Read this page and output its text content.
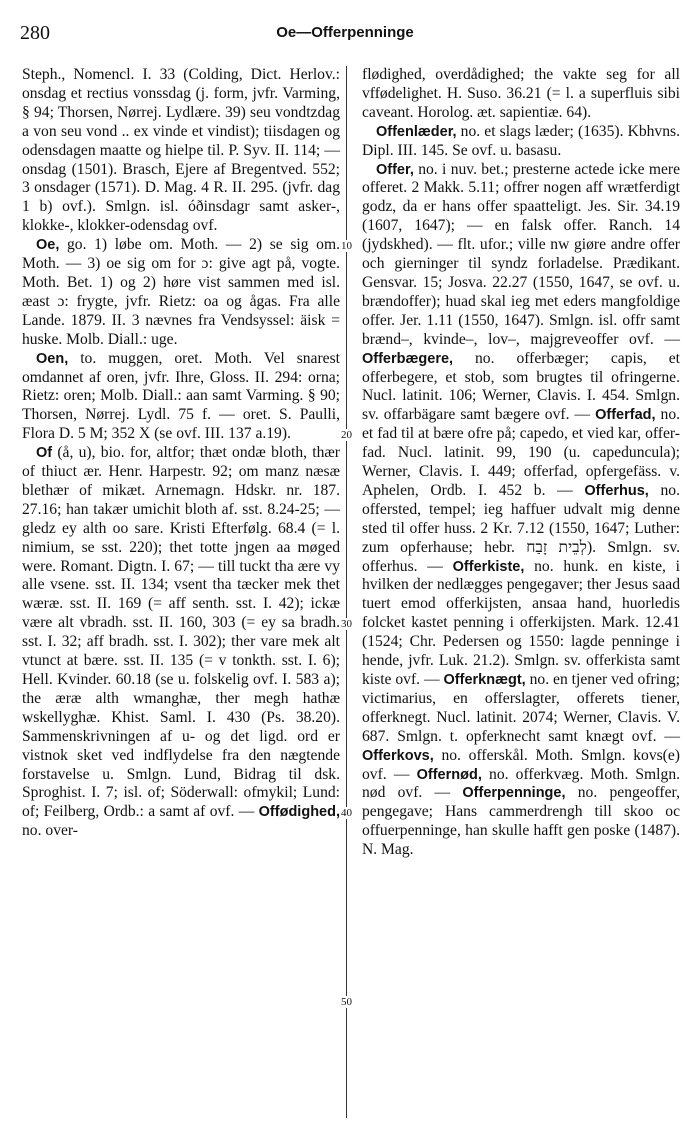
280	Oe—Offerpenninge
10
20
30
40
50

Steph., Nomencl. I. 33 (Colding, Dict. Herlov.: onsdag et rectius vonssdag (j. form, jvfr. Varming, § 94; Thorsen, Nørrej. Lydlære. 39) seu vondtzdag a von seu vond .. ex vinde et vindist); tiisdagen og odensdagen maatte og hielpe til. P. Syv. II. 114; — onsdag (1501). Brasch, Ejere af Bregentved. 552; 3 onsdager (1571). D. Mag. 4 R. II. 295. (jvfr. dag 1 b) ovf.). Smlgn. isl. óðinsdagr samt asker-, klokke-, klokker-odensdag ovf.

Oe, go. 1) løbe om. Moth. — 2) se sig om. Moth. — 3) oe sig om for ɔ: give agt på, vogte. Moth. Bet. 1) og 2) høre vist sammen med isl. æast ɔ: frygte, jvfr. Rietz: oa og ågas. Fra alle Lande. 1879. II. 3 nævnes fra Vendsyssel: äisk = huske. Molb. Diall.: uge.

Oen, to. muggen, oret. Moth. Vel snarest omdannet af oren, jvfr. Ihre, Gloss. II. 294: orna; Rietz: oren; Molb. Diall.: aan samt Varming. § 90; Thorsen, Nørrej. Lydl. 75 f. — oret. S. Paulli, Flora D. 5 M; 352 X (se ovf. III. 137 a.19).

Of (å, u), bio. for, altfor; thæt ondæ bloth, thær of thiuct ær. Henr. Harpestr. 92; om manz næsæ blethær of mikæt. Arnemagn. Hdskr. nr. 187. 27.16; han takær umichit bloth af. sst. 8.24-25; — gledz ey alth oo sare. Kristi Efterfølg. 68.4 (= l. nimium, se sst. 220); thet totte jngen aa møged were. Romant. Digtn. I. 67; — till tuckt tha ære vy alle vsene. sst. II. 134; vsent tha tæcker mek thet wæræ. sst. II. 169 (= aff senth. sst. I. 42); ickæ være alt vbradh. sst. II. 160, 303 (= ey sa bradh. sst. I. 32; aff bradh. sst. I. 302); ther vare mek alt vtunct at bære. sst. II. 135 (= v tonkth. sst. I. 6); Hell. Kvinder. 60.18 (se u. folskelig ovf. I. 583 a); the æræ alth wmanghæ, ther megh hathæ wskellyghæ. Khist. Saml. I. 430 (Ps. 38.20). Sammenskrivningen af u- og det ligd. ord er vistnok sket ved indflydelse fra den nægtende forstavelse u. Smlgn. Lund, Bidrag til dsk. Sproghist. I. 7; isl. of; Söderwall: ofmykil; Lund: of; Feilberg, Ordb.: a samt af ovf. — Offødighed, no. over-

flødighed, overdådighed; the vakte seg for all vffødelighet. H. Suso. 36.21 (= l. a superfluis sibi caveant. Horolog. æt. sapientiæ. 64).

Offenlæder, no. et slags læder; (1635). Kbhvns. Dipl. III. 145. Se ovf. u. basasu.

Offer, no. i nuv. bet.; presterne actede icke mere offeret. 2 Makk. 5.11; offrer nogen aff wrætferdigt godz, da er hans offer spaatteligt. Jes. Sir. 34.19 (1607, 1647); — en falsk offer. Ranch. 14 (jydskhed). — flt. ufor.; ville nw giøre andre offer och gierninger til syndz forladelse. Prædikant. Gensvar. 15; Josva. 22.27 (1550, 1647, se ovf. u. brændoffer); huad skal ieg met eders mangfoldige offer. Jer. 1.11 (1550, 1647). Smlgn. isl. offr samt brænd–, kvinde–, lov–, majgreveoffer ovf. — Offerbægere, no. offerbæger; capis, et offerbegere, et stob, som brugtes til ofringerne. Nucl. latinit. 106; Werner, Clavis. I. 454. Smlgn. sv. offarbägare samt bægere ovf. — Offerfad, no. et fad til at bære ofre på; capedo, et vied kar, offer-fad. Nucl. latinit. 99, 190 (u. capeduncula); Werner, Clavis. I. 449; offerfad, opfergefäss. v. Aphelen, Ordb. I. 452 b. — Offerhus, no. offersted, tempel; ieg haffuer udvalt mig denne sted til offer huss. 2 Kr. 7.12 (1550, 1647; Luther: zum opferhause; hebr. לְבֵית זָבַח). Smlgn. sv. offerhus. — Offerkiste, no. hunk. en kiste, i hvilken der nedlægges pengegaver; ther Jesus saad tuert emod offerkijsten, ansaa hand, huorledis folcket kastet penning i offerkijsten. Mark. 12.41 (1524; Chr. Pedersen og 1550: lagde penninge i hende, jvfr. Luk. 21.2). Smlgn. sv. offerkista samt kiste ovf. — Offerknægt, no. en tjener ved ofring; victimarius, en offerslagter, offerets tiener, offerknegt. Nucl. latinit. 2074; Werner, Clavis. V. 687. Smlgn. t. opferknecht samt knægt ovf. — Offerkovs, no. offerskål. Moth. Smlgn. kovs(e) ovf. — Offernød, no. offerkvæg. Moth. Smlgn. nød ovf. — Offerpenninge, no. pengeoffer, pengegave; Hans cammerdrengh till skoo oc offuerpenninge, han skulle hafft gen poske (1487). N. Mag.
